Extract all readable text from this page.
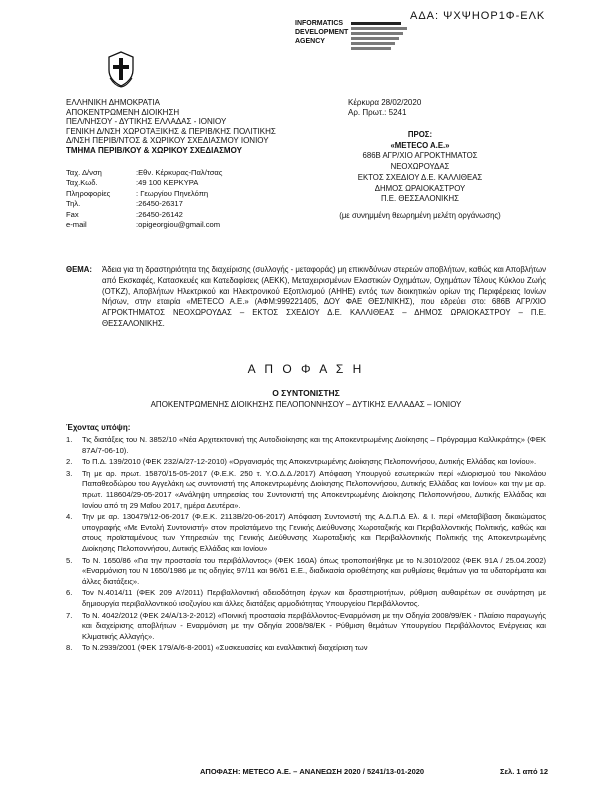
ΑΔΑ: ΨΧΨΗΟΡ1Φ-ΕΛΚ
INFORMATICS
DEVELOPMENT
AGENCY
ΕΛΛΗΝΙΚΗ ΔΗΜΟΚΡΑΤΙΑ
ΑΠΟΚΕΝΤΡΩΜΕΝΗ ΔΙΟΙΚΗΣΗ
ΠΕΛ/ΝΗΣΟΥ - ΔΥΤΙΚΗΣ ΕΛΛΑΔΑΣ - ΙΟΝΙΟΥ
ΓΕΝΙΚΗ Δ/ΝΣΗ ΧΩΡΟΤΑΞΙΚΗΣ & ΠΕΡΙΒ/ΚΗΣ ΠΟΛΙΤΙΚΗΣ
Δ/ΝΣΗ ΠΕΡΙΒ/ΝΤΟΣ & ΧΩΡΙΚΟΥ ΣΧΕΔΙΑΣΜΟΥ ΙΟΝΙΟΥ
ΤΜΗΜΑ ΠΕΡΙΒ/ΚΟΥ & ΧΩΡΙΚΟΥ ΣΧΕΔΙΑΣΜΟΥ
Κέρκυρα 28/02/2020
Αρ. Πρωτ.: 5241
Ταχ. Δ/νση	:Εθν. Κέρκυρας-Παλ/τσας
Ταχ.Κωδ.	:49 100 ΚΕΡΚΥΡΑ
Πληροφορίες	: Γεωργίου Πηνελόπη
Τηλ.	:26450-26317
Fax	:26450-26142
e-mail	:opigeorgiou@gmail.com
ΠΡΟΣ:
«METECO A.E.»
686Β ΑΓΡ/ΧΙΟ ΑΓΡΟΚΤΗΜΑΤΟΣ
ΝΕΟΧΩΡΟΥΔΑΣ
ΕΚΤΟΣ ΣΧΕΔΙΟΥ Δ.Ε. ΚΑΛΛΙΘΕΑΣ
ΔΗΜΟΣ ΩΡΑΙΟΚΑΣΤΡΟΥ
Π.Ε. ΘΕΣΣΑΛΟΝΙΚΗΣ
(με συνημμένη θεωρημένη μελέτη οργάνωσης)
ΘΕΜΑ: Άδεια για τη δραστηριότητα της διαχείρισης (συλλογής - μεταφοράς) μη επικινδύνων στερεών αποβλήτων, καθώς και Αποβλήτων από Εκσκαφές, Κατασκευές και Κατεδαφίσεις (ΑΕΚΚ), Μεταχειρισμένων Ελαστικών Οχημάτων, Οχημάτων Τέλους Κύκλου Ζωής (ΟΤΚΖ), Αποβλήτων Ηλεκτρικού και Ηλεκτρονικού Εξοπλισμού (ΑΗΗΕ) εντός των διοικητικών ορίων της Περιφέρειας Ιονίων Νήσων, στην εταιρία «METECO A.E.» (ΑΦΜ:999221405, ΔΟΥ ΦΑΕ ΘΕΣ/ΝΙΚΗΣ), που εδρεύει στο: 686Β ΑΓΡ/ΧΙΟ ΑΓΡΟΚΤΗΜΑΤΟΣ ΝΕΟΧΩΡΟΥΔΑΣ – ΕΚΤΟΣ ΣΧΕΔΙΟΥ Δ.Ε. ΚΑΛΛΙΘΕΑΣ – ΔΗΜΟΣ ΩΡΑΙΟΚΑΣΤΡΟΥ – Π.Ε. ΘΕΣΣΑΛΟΝΙΚΗΣ.
Α Π Ο Φ Α Σ Η
Ο ΣΥΝΤΟΝΙΣΤΗΣ
ΑΠΟΚΕΝΤΡΩΜΕΝΗΣ ΔΙΟΙΚΗΣΗΣ ΠΕΛΟΠΟΝΝΗΣΟΥ – ΔΥΤΙΚΗΣ ΕΛΛΑΔΑΣ – ΙΟΝΙΟΥ
Έχοντας υπόψη:
1. Τις διατάξεις του Ν. 3852/10 «Νέα Αρχιτεκτονική της Αυτοδιοίκησης και της Αποκεντρωμένης Διοίκησης – Πρόγραμμα Καλλικράτης» (ΦΕΚ 87Α/7-06-10).
2. Το Π.Δ. 139/2010 (ΦΕΚ 232/Α/27-12-2010) «Οργανισμός της Αποκεντρωμένης Διοίκησης Πελοποννήσου, Δυτικής Ελλάδας και Ιονίου».
3. Τη με αρ. πρωτ. 15870/15-05-2017 (Φ.Ε.Κ. 250 τ. Υ.Ο.Δ.Δ./2017) Απόφαση Υπουργού εσωτερικών περί «Διορισμού του Νικολάου Παπαθεοδώρου του Αγγελάκη ως συντονιστή της Αποκεντρωμένης Διοίκησης Πελοποννήσου, Δυτικής Ελλάδας και Ιονίου» και την με αρ. πρωτ. 118604/29-05-2017 «Ανάληψη υπηρεσίας του Συντονιστή της Αποκεντρωμένης Διοίκησης Πελοποννήσου, Δυτικής Ελλάδας και Ιονίου από τη 29 Μαΐου 2017, ημέρα Δευτέρα».
4. Την με αρ. 130479/12-06-2017 (Φ.Ε.Κ. 2113Β/20-06-2017) Απόφαση Συντονιστή της Α.Δ.Π.Δ Ελ. & Ι. περί «Μεταβίβαση δικαιώματος υπογραφής «Με Εντολή Συντονιστή» στον προϊστάμενο της Γενικής Διεύθυνσης Χωροταξικής και Περιβαλλοντικής Πολιτικής, καθώς και στους προϊσταμένους των Υπηρεσιών της Γενικής Διεύθυνσης Χωροταξικής και Περιβαλλοντικής Πολιτικής της Αποκεντρωμένης Διοίκησης Πελοποννήσου, Δυτικής Ελλάδας και Ιονίου»
5. Το Ν. 1650/86 «Για την προστασία του περιβάλλοντος» (ΦΕΚ 160Α) όπως τροποποιήθηκε με το Ν.3010/2002 (ΦΕΚ 91Α / 25.04.2002) «Εναρμόνιση του Ν 1650/1986 με τις οδηγίες 97/11 και 96/61 Ε.Ε., διαδικασία οριοθέτησης και ρυθμίσεις θεμάτων για τα υδατορέματα και άλλες διατάξεις».
6. Τον Ν.4014/11 (ΦΕΚ 209 Α'/2011) Περιβαλλοντική αδειοδότηση έργων και δραστηριοτήτων, ρύθμιση αυθαιρέτων σε συνάρτηση με δημιουργία περιβαλλοντικού ισοζυγίου και άλλες διατάξεις αρμοδιότητας Υπουργείου Περιβάλλοντος.
7. Το Ν. 4042/2012 (ΦΕΚ 24/Α/13-2-2012) «Ποινική προστασία περιβάλλοντος-Εναρμόνιση με την Οδηγία 2008/99/ΕΚ - Πλαίσιο παραγωγής και διαχείρισης αποβλήτων - Εναρμόνιση με την Οδηγία 2008/98/ΕΚ - Ρύθμιση θεμάτων Υπουργείου Περιβάλλοντος Ενέργειας και Κλιματικής Αλλαγής».
8. Το Ν.2939/2001 (ΦΕΚ 179/Α/6-8-2001) «Συσκευασίες και εναλλακτική διαχείριση των
ΑΠΟΦΑΣΗ: METECO A.E. – ΑΝΑΝΕΩΣΗ 2020 / 5241/13-01-2020	Σελ. 1 από 12
